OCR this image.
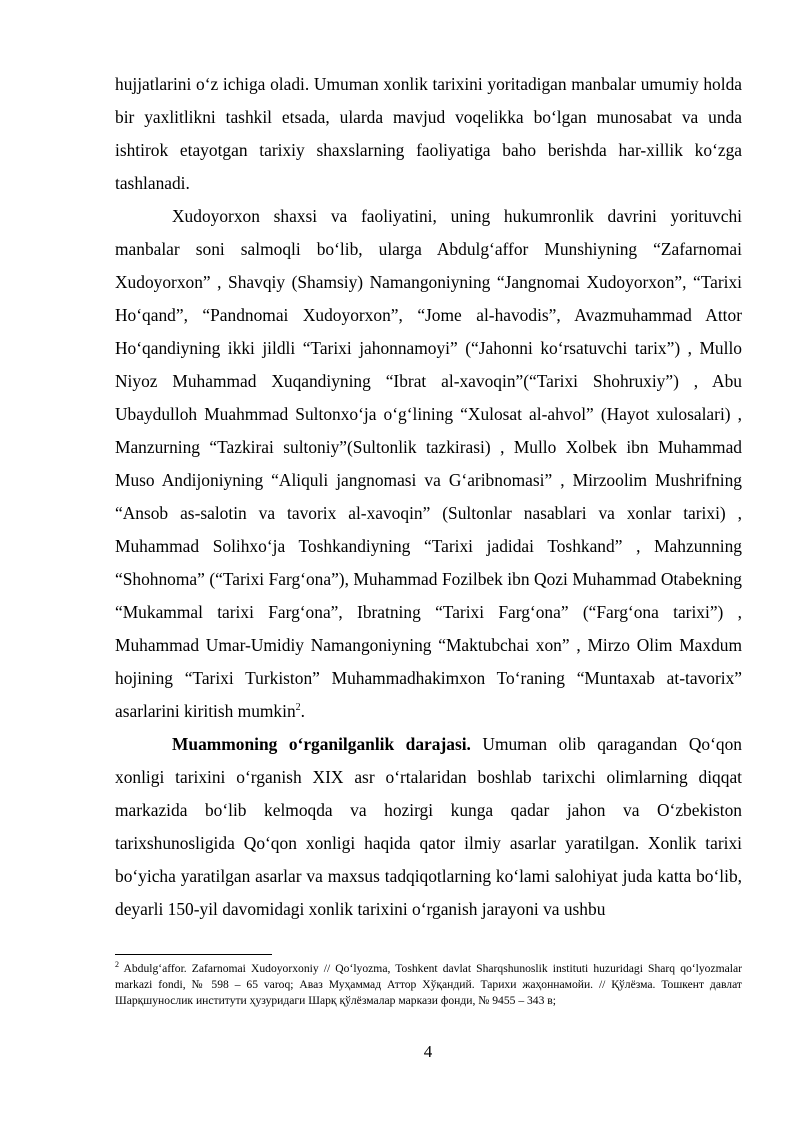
hujjatlarini o‘z ichiga oladi. Umuman xonlik tarixini yoritadigan manbalar umumiy holda bir yaxlitlikni tashkil etsada, ularda mavjud voqelikka bo‘lgan munosabat va unda ishtirok etayotgan tarixiy shaxslarning faoliyatiga baho berishda har-xillik ko‘zga tashlanadi.

Xudoyorxon shaxsi va faoliyatini, uning hukumronlik davrini yorituvchi manbalar soni salmoqli bo‘lib, ularga Abdulg‘affor Munshiyning “Zafarnomai Xudoyorxon” , Shavqiy (Shamsiy) Namangoniyning “Jangnomai Xudoyorxon”, “Tarixi Ho‘qand”, “Pandnomai Xudoyorxon”, “Jome al-havodis”, Avazmuhammad Attor Ho‘qandiyning ikki jildli “Tarixi jahonnamoyi” (“Jahonni ko‘rsatuvchi tarix”) , Mullo Niyoz Muhammad Xuqandiyning “Ibrat al-xavoqin”(“Tarixi Shohruxiy”) , Abu Ubaydulloh Muahmmad Sultonxo‘ja o‘g‘lining “Xulosat al-ahvol” (Hayot xulosalari) , Manzurning “Tazkirai sultoniy”(Sultonlik tazkirasi) , Mullo Xolbek ibn Muhammad Muso Andijoniyning “Aliquli jangnomasi va G‘aribnomasi” , Mirzoolim Mushrifning “Ansob as-salotin va tavorix al-xavoqin” (Sultonlar nasablari va xonlar tarixi) , Muhammad Solihxo‘ja Toshkandiyning “Tarixi jadidai Toshkand” , Mahzunning “Shohnoma” (“Tarixi Farg‘ona”), Muhammad Fozilbek ibn Qozi Muhammad Otabekning “Mukammal tarixi Farg‘ona”, Ibratning “Tarixi Farg‘ona” (“Farg‘ona tarixi”) , Muhammad Umar-Umidiy Namangoniyning “Maktubchai xon” , Mirzo Olim Maxdum hojining “Tarixi Turkiston” Muhammadhakimxon To‘raning “Muntaxab at-tavorix” asarlarini kiritish mumkin$^2$.

Muammoning o‘rganilganlik darajasi. Umuman olib qaragandan Qo‘qon xonligi tarixini o‘rganish XIX asr o‘rtalaridan boshlab tarixchi olimlarning diqqat markazida bo‘lib kelmoqda va hozirgi kunga qadar jahon va O‘zbekiston tarixshunosligida Qo‘qon xonligi haqida qator ilmiy asarlar yaratilgan. Xonlik tarixi bo‘yicha yaratilgan asarlar va maxsus tadqiqotlarning ko‘lami salohiyat juda katta bo‘lib, deyarli 150-yil davomidagi xonlik tarixini o‘rganish jarayoni va ushbu

$^2$ Abdulg‘affor. Zafarnomai Xudoyorxoniy // Qo‘lyozma, Toshkent davlat Sharqshunoslik instituti huzuridagi Sharq qo‘lyozmalar markazi fondi, № 598 – 65 varoq; Аваз Муҳаммад Аттор Хўқандий. Тарихи жаҳоннамойи. // Қўлёзма. Тошкент давлат Шарқшунослик институти ҳузуридаги Шарқ қўлёзмалар маркази фонди, № 9455 – 343 в;

4
